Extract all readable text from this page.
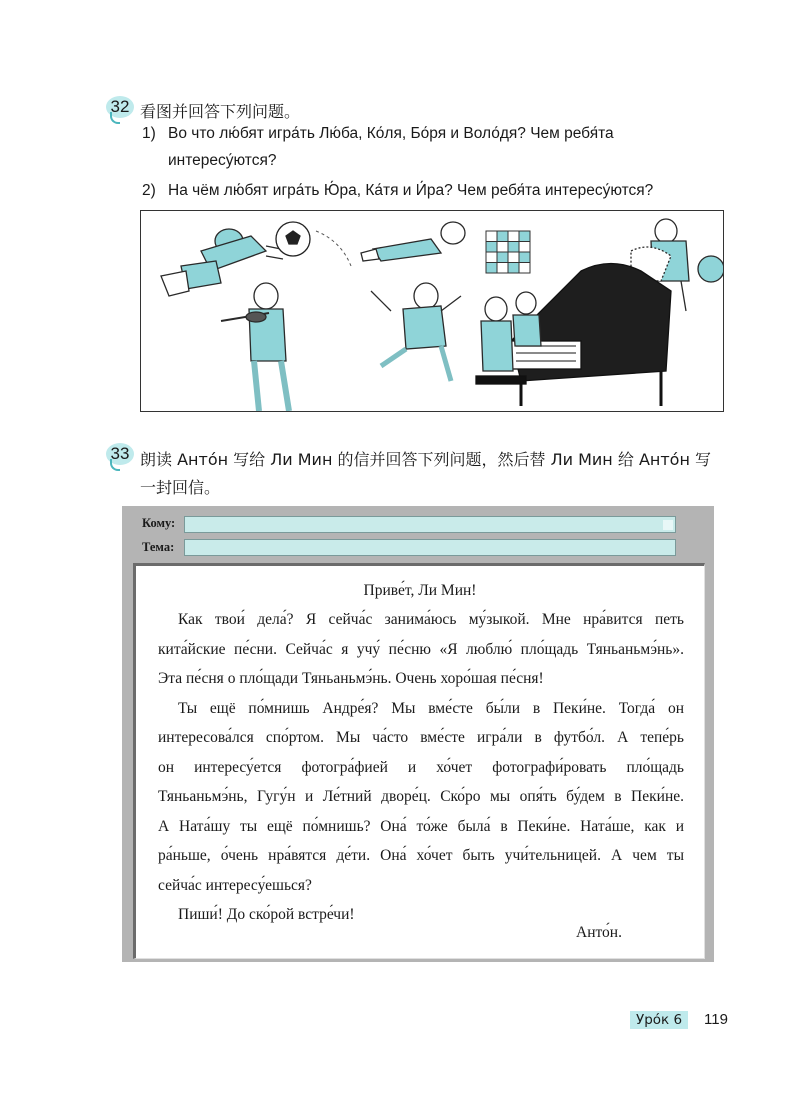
32 看图并回答下列问题。
1) Во что лю́бят игра́ть Лю́ба, Ко́ля, Бо́ря и Воло́дя? Чем ребя́та
интересу́ются?
2) На чём лю́бят игра́ть Ю́ра, Ка́тя и И́ра? Чем ребя́та интересу́ются?
33 朗读 Анто́н 写给 Ли Мин 的信并回答下列问题，然后替 Ли Мин 给 Анто́н 写
一封回信。
Кому:
Тема:
Приве́т, Ли Мин!
Как твои́ дела́? Я сейча́с занима́юсь му́зыкой. Мне нра́вится петь
кита́йские пе́сни. Сейча́с я учу́ пе́сню «Я люблю́ пло́щадь Тяньаньмэ́нь».
Эта пе́сня о пло́щади Тяньаньмэ́нь. Очень хоро́шая пе́сня!
Ты ещё по́мнишь Андре́я? Мы вме́сте бы́ли в Пеки́не. Тогда́ он
интересова́лся спо́ртом. Мы ча́сто вме́сте игра́ли в футбо́л. А тепе́рь
он интересу́ется фотогра́фией и хо́чет фотографи́ровать пло́щадь
Тяньаньмэ́нь, Гугу́н и Ле́тний дворе́ц. Ско́ро мы опя́ть бу́дем в Пеки́не.
А Ната́шу ты ещё по́мнишь? Она́ то́же была́ в Пеки́не. Ната́ше, как и
ра́ньше, о́чень нра́вятся де́ти. Она́ хо́чет быть учи́тельницей. А чем ты
сейча́с интересу́ешься?
Пиши́! До ско́рой встре́чи!
Анто́н.
Уро́к 6	119
